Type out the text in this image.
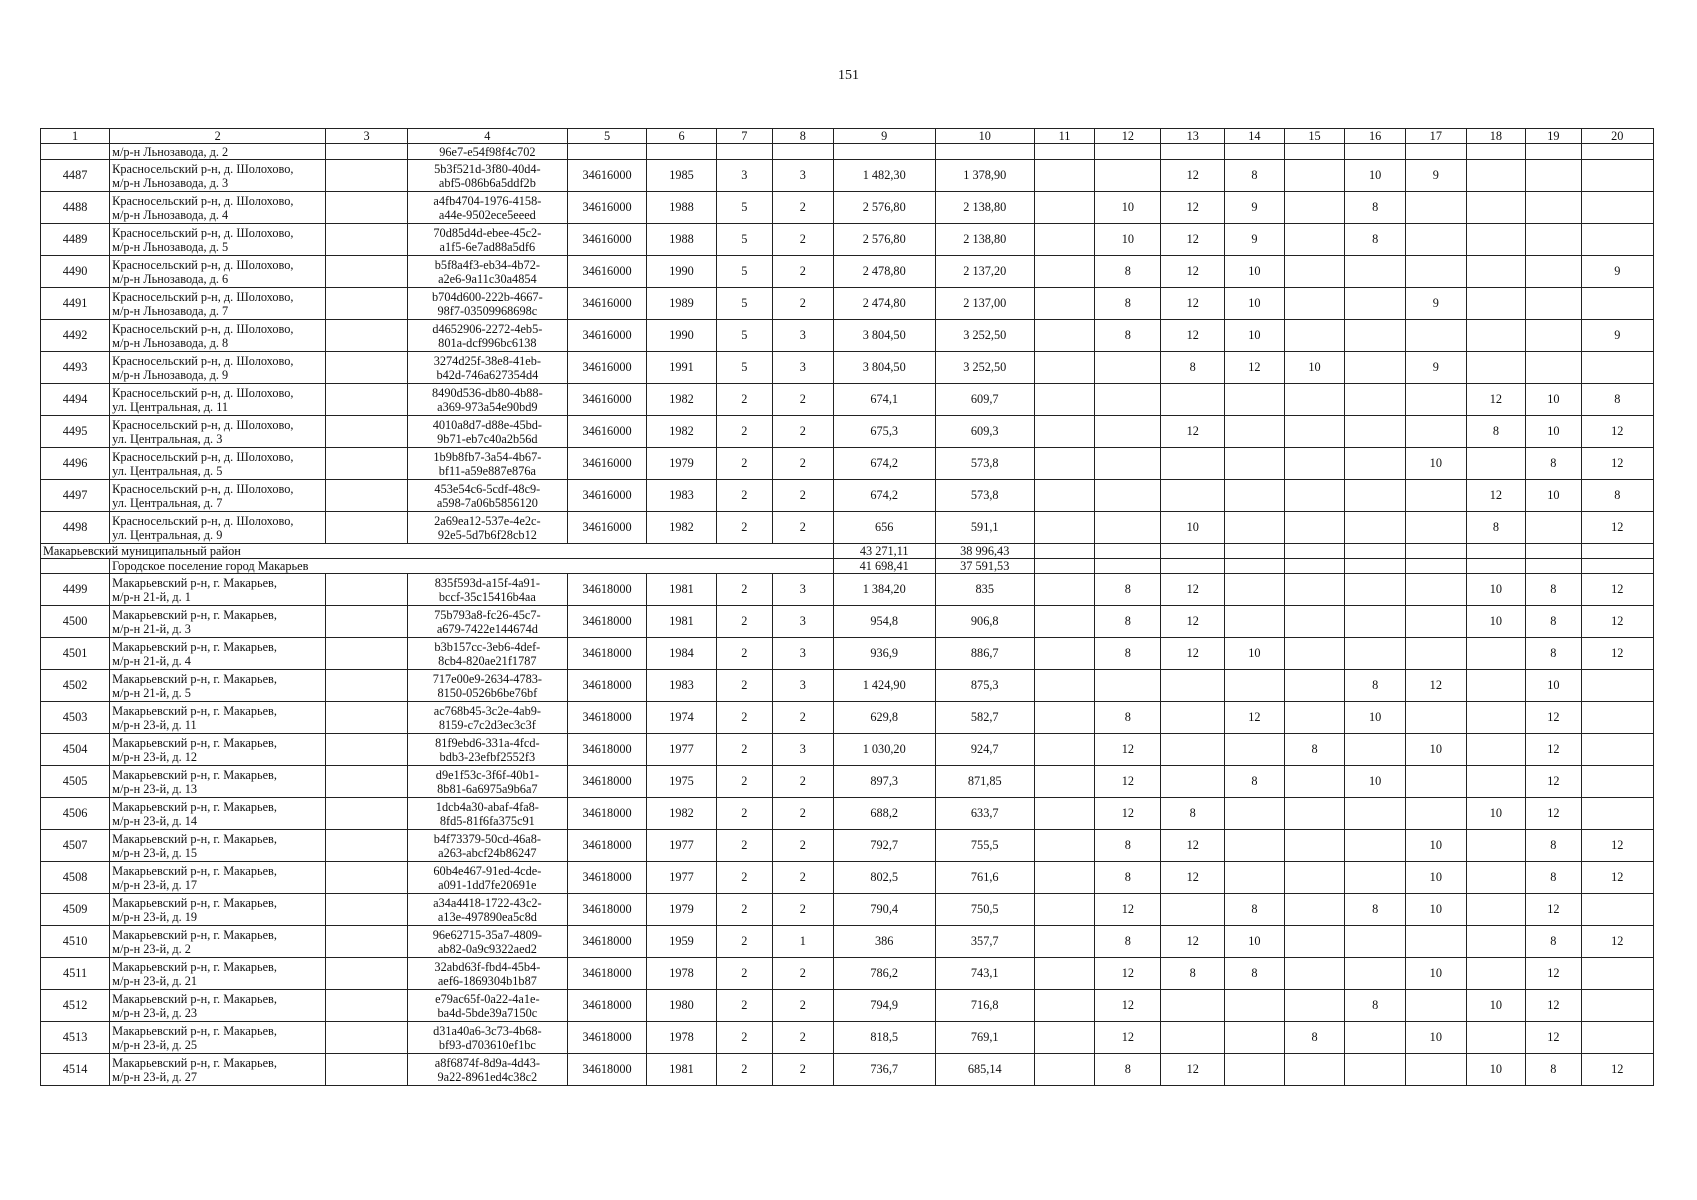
151
1	2	3	4	5	6	7	8	9	10	11	12	13	14	15	16	17	18	19	20
	м/р-н Льнозавода, д. 2		96e7-e54f98f4c702																
4487	Красносельский р-н, д. Шолохово,
м/р-н Льнозавода, д. 3		5b3f521d-3f80-40d4-
abf5-086b6a5ddf2b	34616000	1985	3	3	1 482,30	1 378,90			12	8		10	9			
4488	Красносельский р-н, д. Шолохово,
м/р-н Льнозавода, д. 4		a4fb4704-1976-4158-
a44e-9502ece5eeed	34616000	1988	5	2	2 576,80	2 138,80		10	12	9		8				
4489	Красносельский р-н, д. Шолохово,
м/р-н Льнозавода, д. 5		70d85d4d-ebee-45c2-
a1f5-6e7ad88a5df6	34616000	1988	5	2	2 576,80	2 138,80		10	12	9		8				
4490	Красносельский р-н, д. Шолохово,
м/р-н Льнозавода, д. 6		b5f8a4f3-eb34-4b72-
a2e6-9a11c30a4854	34616000	1990	5	2	2 478,80	2 137,20		8	12	10						9
4491	Красносельский р-н, д. Шолохово,
м/р-н Льнозавода, д. 7		b704d600-222b-4667-
98f7-03509968698c	34616000	1989	5	2	2 474,80	2 137,00		8	12	10			9			
4492	Красносельский р-н, д. Шолохово,
м/р-н Льнозавода, д. 8		d4652906-2272-4eb5-
801a-dcf996bc6138	34616000	1990	5	3	3 804,50	3 252,50		8	12	10						9
4493	Красносельский р-н, д. Шолохово,
м/р-н Льнозавода, д. 9		3274d25f-38e8-41eb-
b42d-746a627354d4	34616000	1991	5	3	3 804,50	3 252,50			8	12	10		9			
4494	Красносельский р-н, д. Шолохово,
ул. Центральная, д. 11		8490d536-db80-4b88-
a369-973a54e90bd9	34616000	1982	2	2	674,1	609,7								12	10	8
4495	Красносельский р-н, д. Шолохово,
ул. Центральная, д. 3		4010a8d7-d88e-45bd-
9b71-eb7c40a2b56d	34616000	1982	2	2	675,3	609,3			12					8	10	12
4496	Красносельский р-н, д. Шолохово,
ул. Центральная, д. 5		1b9b8fb7-3a54-4b67-
bf11-a59e887e876a	34616000	1979	2	2	674,2	573,8							10		8	12
4497	Красносельский р-н, д. Шолохово,
ул. Центральная, д. 7		453e54c6-5cdf-48c9-
a598-7a06b5856120	34616000	1983	2	2	674,2	573,8								12	10	8
4498	Красносельский р-н, д. Шолохово,
ул. Центральная, д. 9		2a69ea12-537e-4e2c-
92e5-5d7b6f28cb12	34616000	1982	2	2	656	591,1			10					8		12
Макарьевский муниципальный район								43 271,11	38 996,43										
	Городское поселение город Макарьев							41 698,41	37 591,53										
4499	Макарьевский р-н, г. Макарьев,
м/р-н 21-й, д. 1		835f593d-a15f-4a91-
bccf-35c15416b4aa	34618000	1981	2	3	1 384,20	835		8	12					10	8	12
4500	Макарьевский р-н, г. Макарьев,
м/р-н 21-й, д. 3		75b793a8-fc26-45c7-
a679-7422e144674d	34618000	1981	2	3	954,8	906,8		8	12					10	8	12
4501	Макарьевский р-н, г. Макарьев,
м/р-н 21-й, д. 4		b3b157cc-3eb6-4def-
8cb4-820ae21f1787	34618000	1984	2	3	936,9	886,7		8	12	10					8	12
4502	Макарьевский р-н, г. Макарьев,
м/р-н 21-й, д. 5		717e00e9-2634-4783-
8150-0526b6be76bf	34618000	1983	2	3	1 424,90	875,3						8	12		10	
4503	Макарьевский р-н, г. Макарьев,
м/р-н 23-й, д. 11		ac768b45-3c2e-4ab9-
8159-c7c2d3ec3c3f	34618000	1974	2	2	629,8	582,7		8		12		10			12	
4504	Макарьевский р-н, г. Макарьев,
м/р-н 23-й, д. 12		81f9ebd6-331a-4fcd-
bdb3-23efbf2552f3	34618000	1977	2	3	1 030,20	924,7		12			8		10		12	
4505	Макарьевский р-н, г. Макарьев,
м/р-н 23-й, д. 13		d9e1f53c-3f6f-40b1-
8b81-6a6975a9b6a7	34618000	1975	2	2	897,3	871,85		12		8		10			12	
4506	Макарьевский р-н, г. Макарьев,
м/р-н 23-й, д. 14		1dcb4a30-abaf-4fa8-
8fd5-81f6fa375c91	34618000	1982	2	2	688,2	633,7		12	8					10	12	
4507	Макарьевский р-н, г. Макарьев,
м/р-н 23-й, д. 15		b4f73379-50cd-46a8-
a263-abcf24b86247	34618000	1977	2	2	792,7	755,5		8	12				10		8	12
4508	Макарьевский р-н, г. Макарьев,
м/р-н 23-й, д. 17		60b4e467-91ed-4cde-
a091-1dd7fe20691e	34618000	1977	2	2	802,5	761,6		8	12				10		8	12
4509	Макарьевский р-н, г. Макарьев,
м/р-н 23-й, д. 19		a34a4418-1722-43c2-
a13e-497890ea5c8d	34618000	1979	2	2	790,4	750,5		12		8		8	10		12	
4510	Макарьевский р-н, г. Макарьев,
м/р-н 23-й, д. 2		96e62715-35a7-4809-
ab82-0a9c9322aed2	34618000	1959	2	1	386	357,7		8	12	10					8	12
4511	Макарьевский р-н, г. Макарьев,
м/р-н 23-й, д. 21		32abd63f-fbd4-45b4-
aef6-1869304b1b87	34618000	1978	2	2	786,2	743,1		12	8	8			10		12	
4512	Макарьевский р-н, г. Макарьев,
м/р-н 23-й, д. 23		e79ac65f-0a22-4a1e-
ba4d-5bde39a7150c	34618000	1980	2	2	794,9	716,8		12				8		10	12	
4513	Макарьевский р-н, г. Макарьев,
м/р-н 23-й, д. 25		d31a40a6-3c73-4b68-
bf93-d703610ef1bc	34618000	1978	2	2	818,5	769,1		12			8		10		12	
4514	Макарьевский р-н, г. Макарьев,
м/р-н 23-й, д. 27		a8f6874f-8d9a-4d43-
9a22-8961ed4c38c2	34618000	1981	2	2	736,7	685,14		8	12					10	8	12
